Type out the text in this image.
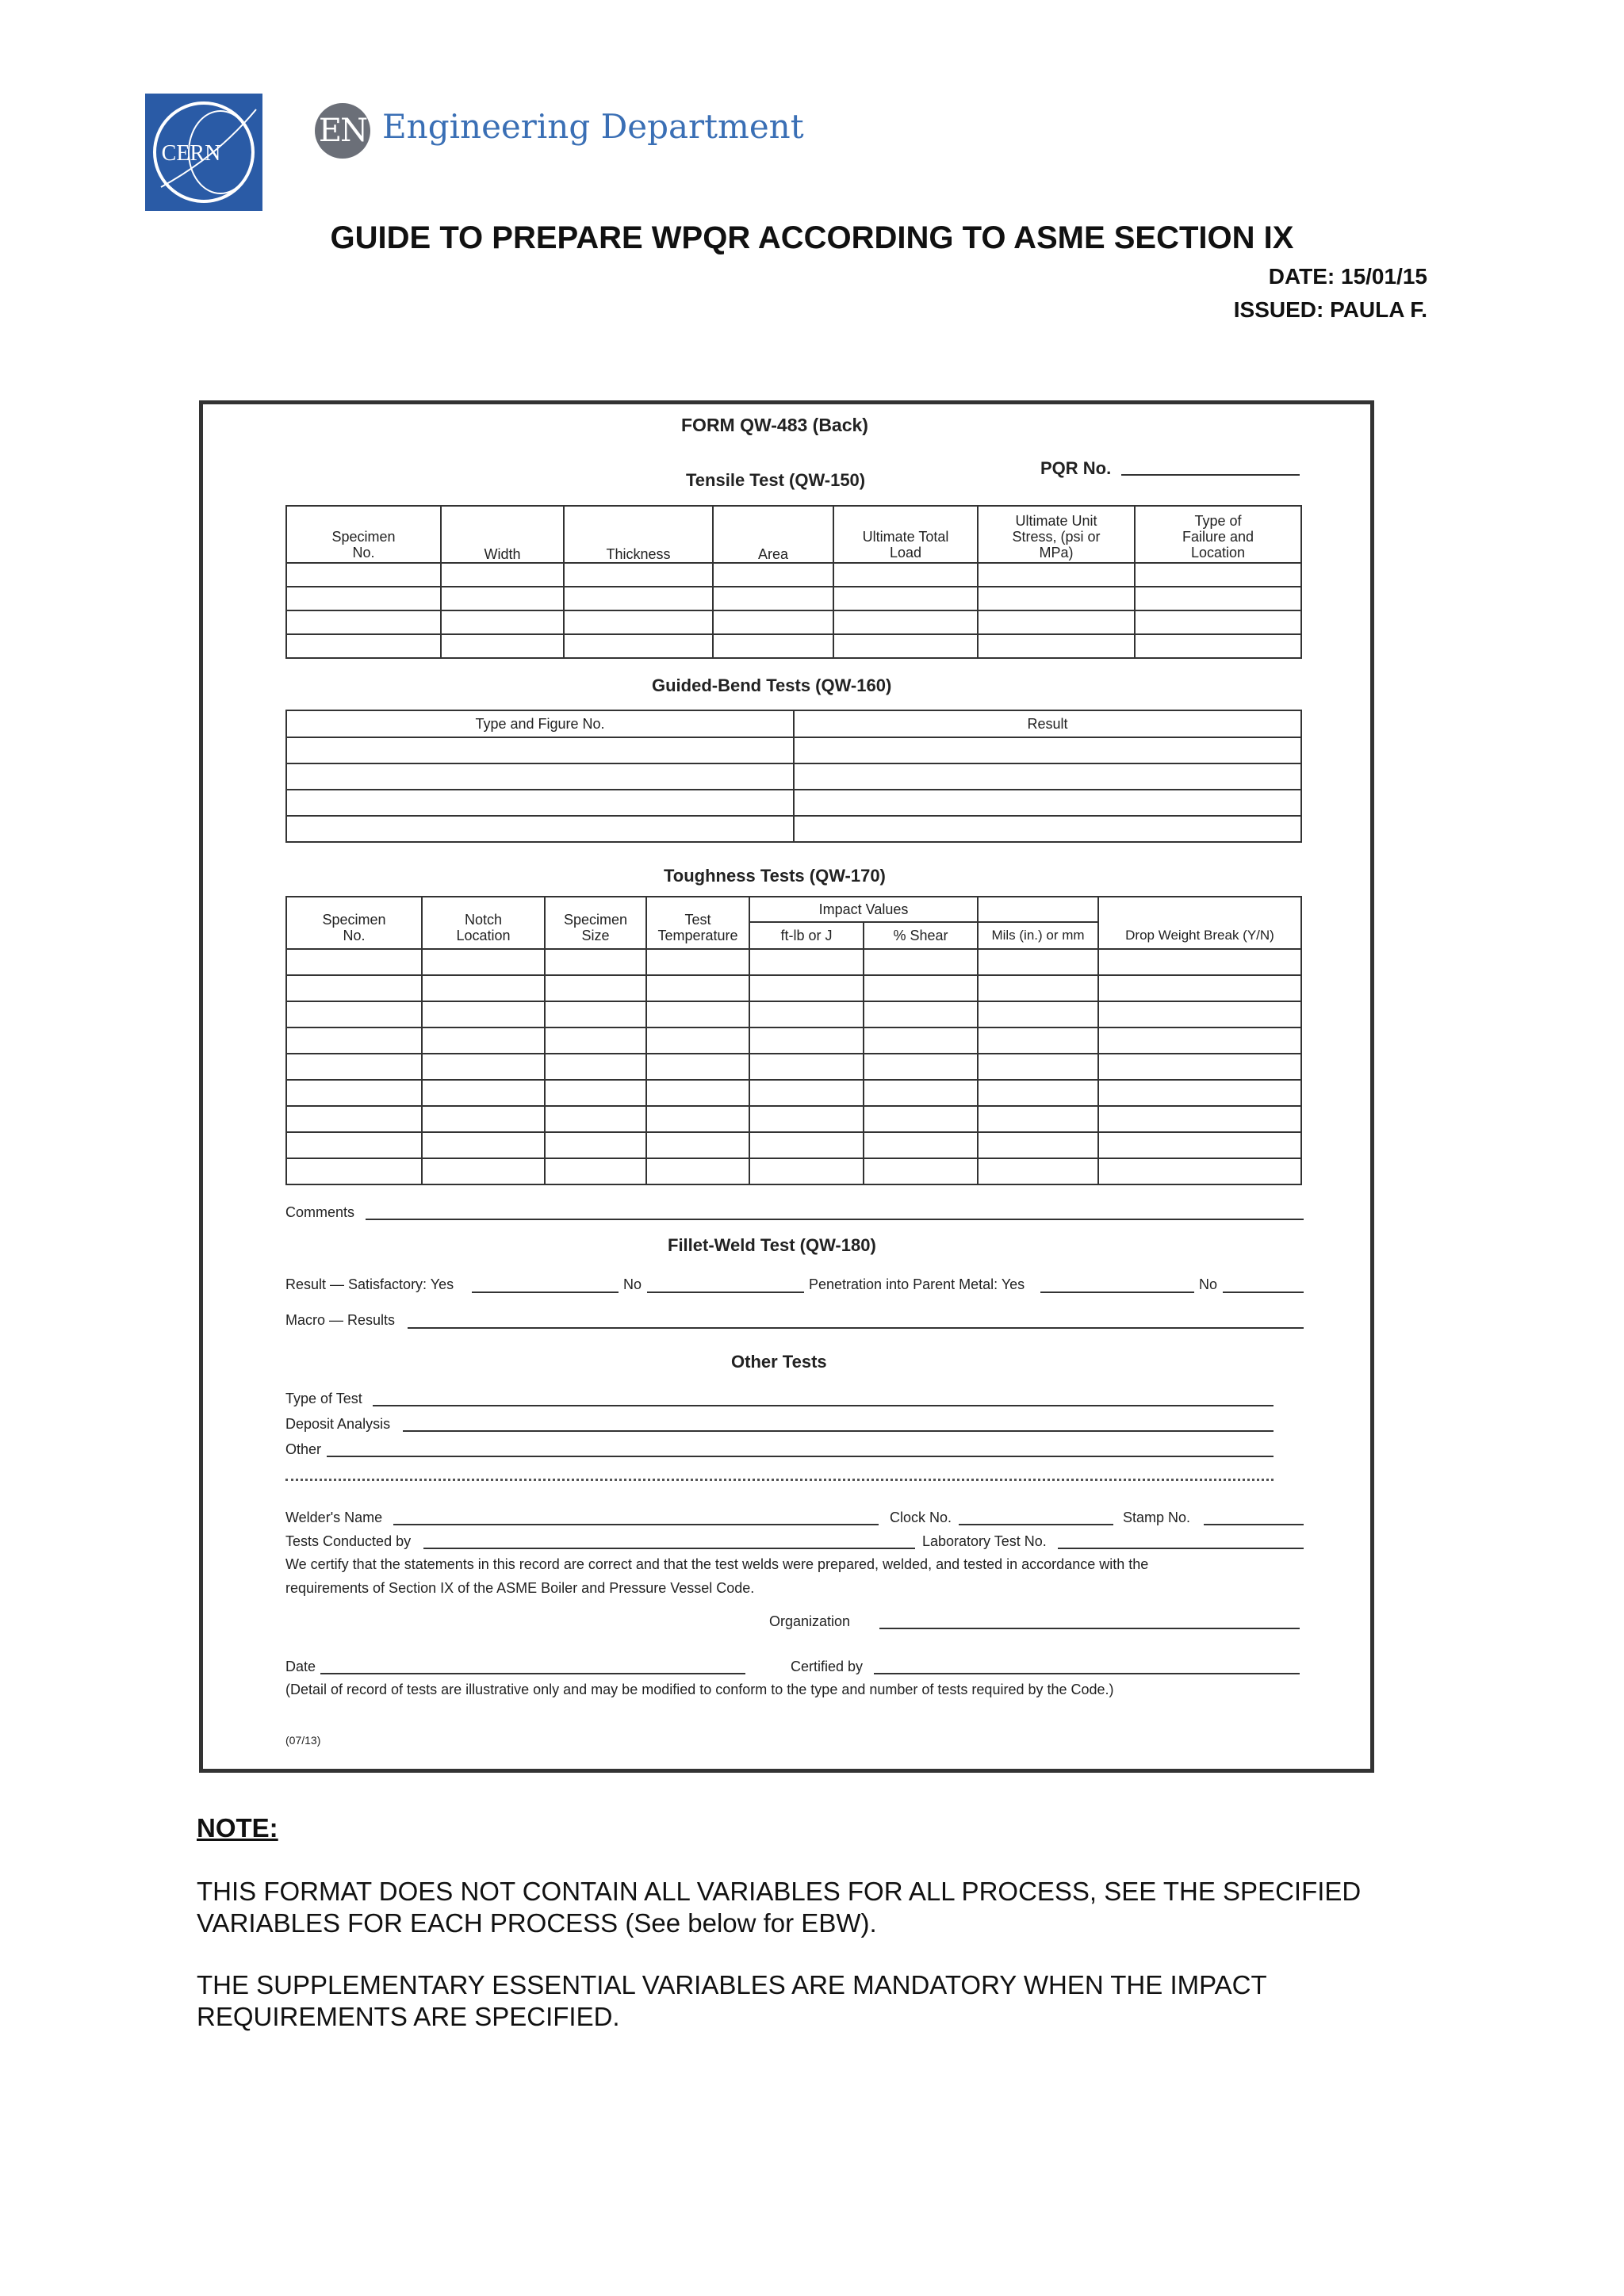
CERN
EN Engineering Department
GUIDE TO PREPARE WPQR ACCORDING TO ASME SECTION IX
DATE: 15/01/15
ISSUED: PAULA F.
FORM QW-483 (Back)
PQR No.
Tensile Test (QW-150)
Specimen No.	Width	Thickness	Area	Ultimate Total Load	Ultimate Unit Stress, (psi or MPa)	Type of Failure and Location

Guided-Bend Tests (QW-160)
Type and Figure No.	Result

Toughness Tests (QW-170)
Specimen No.	Notch Location	Specimen Size	Test Temperature	Impact Values			Drop Weight Break (Y/N)
				ft-lb or J	% Shear	Mils (in.) or mm	

Comments
Fillet-Weld Test (QW-180)
Result — Satisfactory: Yes	No	Penetration into Parent Metal: Yes	No
Macro — Results
Other Tests
Type of Test
Deposit Analysis
Other
Welder's Name	Clock No.	Stamp No.
Tests Conducted by	Laboratory Test No.
We certify that the statements in this record are correct and that the test welds were prepared, welded, and tested in accordance with the
requirements of Section IX of the ASME Boiler and Pressure Vessel Code.
Organization
Date	Certified by
(Detail of record of tests are illustrative only and may be modified to conform to the type and number of tests required by the Code.)
(07/13)
NOTE:
THIS FORMAT DOES NOT CONTAIN ALL VARIABLES FOR ALL PROCESS, SEE THE SPECIFIED VARIABLES FOR EACH PROCESS (See below for EBW).
THE SUPPLEMENTARY ESSENTIAL VARIABLES ARE MANDATORY WHEN THE IMPACT REQUIREMENTS ARE SPECIFIED.
